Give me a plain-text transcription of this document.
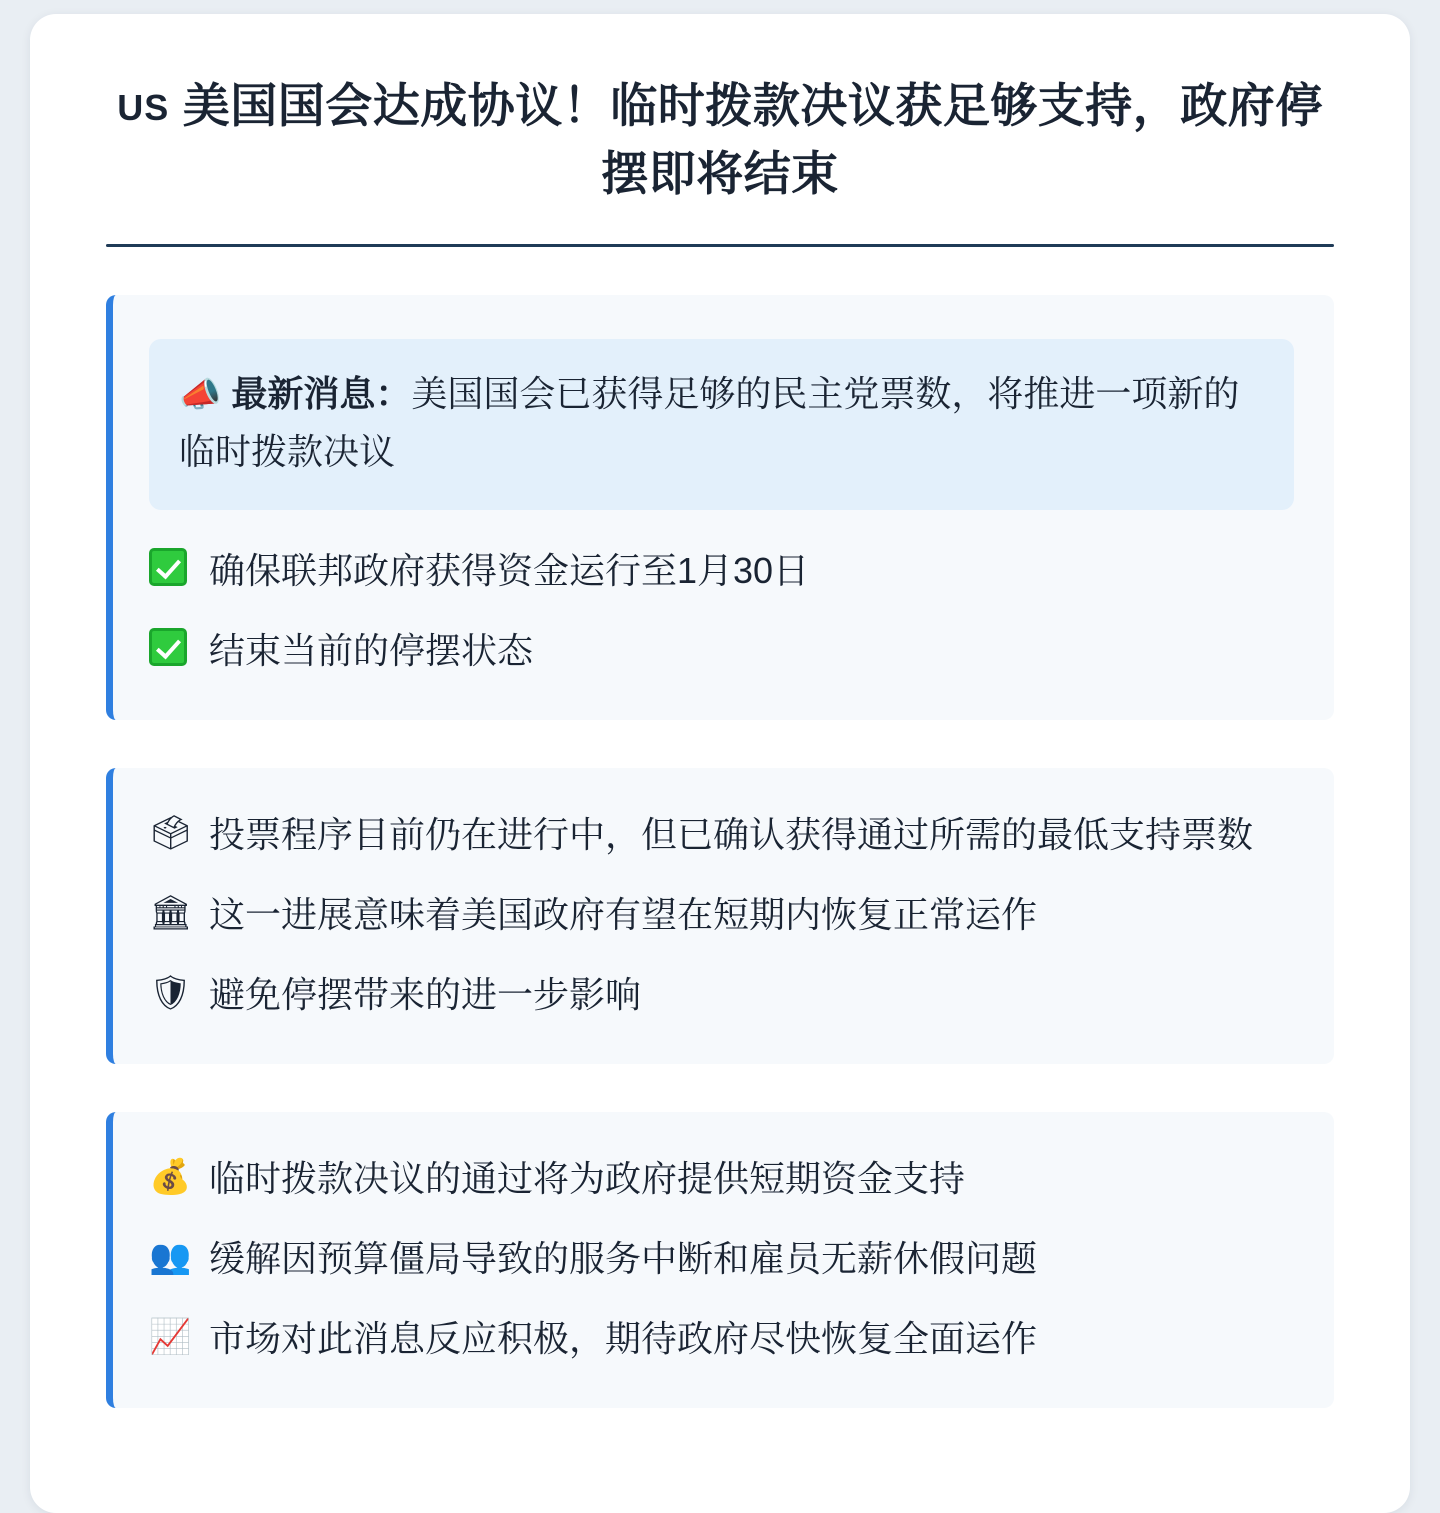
US 美国国会达成协议！临时拨款决议获足够支持，政府停摆即将结束
📣 最新消息：美国国会已获得足够的民主党票数，将推进一项新的临时拨款决议
确保联邦政府获得资金运行至1月30日
结束当前的停摆状态
🗳 投票程序目前仍在进行中，但已确认获得通过所需的最低支持票数
🏛 这一进展意味着美国政府有望在短期内恢复正常运作
🛡 避免停摆带来的进一步影响
💰 临时拨款决议的通过将为政府提供短期资金支持
👥 缓解因预算僵局导致的服务中断和雇员无薪休假问题
📈 市场对此消息反应积极，期待政府尽快恢复全面运作
